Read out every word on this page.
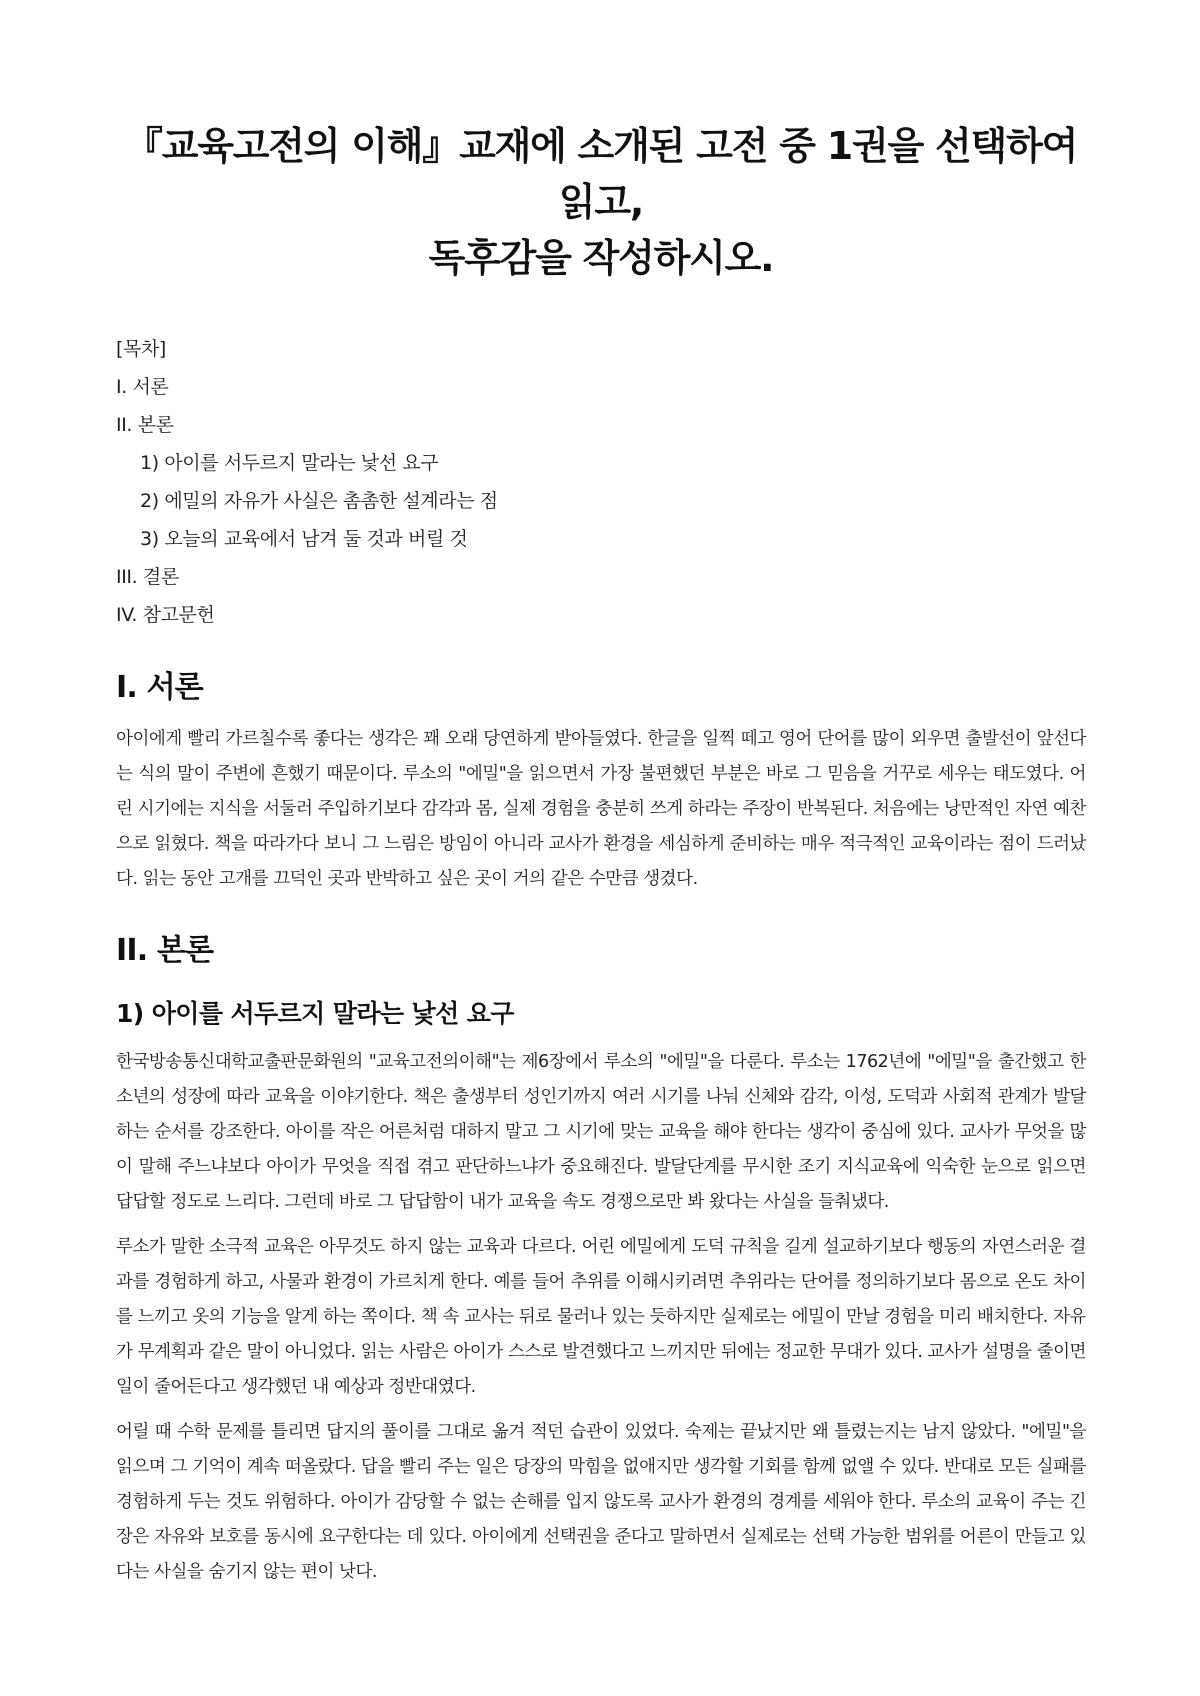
『교육고전의 이해』교재에 소개된 고전 중 1권을 선택하여 읽고,
독후감을 작성하시오.
[목차]
I. 서론
II. 본론
1) 아이를 서두르지 말라는 낯선 요구
2) 에밀의 자유가 사실은 촘촘한 설계라는 점
3) 오늘의 교육에서 남겨 둘 것과 버릴 것
III. 결론
IV. 참고문헌
I. 서론

아이에게 빨리 가르칠수록 좋다는 생각은 꽤 오래 당연하게 받아들였다. 한글을 일찍 떼고 영어 단어를 많이 외우면 출발선이 앞선다는 식의 말이 주변에 흔했기 때문이다. 루소의 "에밀"을 읽으면서 가장 불편했던 부분은 바로 그 믿음을 거꾸로 세우는 태도였다. 어린 시기에는 지식을 서둘러 주입하기보다 감각과 몸, 실제 경험을 충분히 쓰게 하라는 주장이 반복된다. 처음에는 낭만적인 자연 예찬으로 읽혔다. 책을 따라가다 보니 그 느림은 방임이 아니라 교사가 환경을 세심하게 준비하는 매우 적극적인 교육이라는 점이 드러났다. 읽는 동안 고개를 끄덕인 곳과 반박하고 싶은 곳이 거의 같은 수만큼 생겼다.

II. 본론
1) 아이를 서두르지 말라는 낯선 요구

한국방송통신대학교출판문화원의 "교육고전의이해"는 제6장에서 루소의 "에밀"을 다룬다. 루소는 1762년에 "에밀"을 출간했고 한 소년의 성장에 따라 교육을 이야기한다. 책은 출생부터 성인기까지 여러 시기를 나눠 신체와 감각, 이성, 도덕과 사회적 관계가 발달하는 순서를 강조한다. 아이를 작은 어른처럼 대하지 말고 그 시기에 맞는 교육을 해야 한다는 생각이 중심에 있다. 교사가 무엇을 많이 말해 주느냐보다 아이가 무엇을 직접 겪고 판단하느냐가 중요해진다. 발달단계를 무시한 조기 지식교육에 익숙한 눈으로 읽으면 답답할 정도로 느리다. 그런데 바로 그 답답함이 내가 교육을 속도 경쟁으로만 봐 왔다는 사실을 들춰냈다.

루소가 말한 소극적 교육은 아무것도 하지 않는 교육과 다르다. 어린 에밀에게 도덕 규칙을 길게 설교하기보다 행동의 자연스러운 결과를 경험하게 하고, 사물과 환경이 가르치게 한다. 예를 들어 추위를 이해시키려면 추위라는 단어를 정의하기보다 몸으로 온도 차이를 느끼고 옷의 기능을 알게 하는 쪽이다. 책 속 교사는 뒤로 물러나 있는 듯하지만 실제로는 에밀이 만날 경험을 미리 배치한다. 자유가 무계획과 같은 말이 아니었다. 읽는 사람은 아이가 스스로 발견했다고 느끼지만 뒤에는 정교한 무대가 있다. 교사가 설명을 줄이면 일이 줄어든다고 생각했던 내 예상과 정반대였다.

어릴 때 수학 문제를 틀리면 답지의 풀이를 그대로 옮겨 적던 습관이 있었다. 숙제는 끝났지만 왜 틀렸는지는 남지 않았다. "에밀"을 읽으며 그 기억이 계속 떠올랐다. 답을 빨리 주는 일은 당장의 막힘을 없애지만 생각할 기회를 함께 없앨 수 있다. 반대로 모든 실패를 경험하게 두는 것도 위험하다. 아이가 감당할 수 없는 손해를 입지 않도록 교사가 환경의 경계를 세워야 한다. 루소의 교육이 주는 긴장은 자유와 보호를 동시에 요구한다는 데 있다. 아이에게 선택권을 준다고 말하면서 실제로는 선택 가능한 범위를 어른이 만들고 있다는 사실을 숨기지 않는 편이 낫다.
